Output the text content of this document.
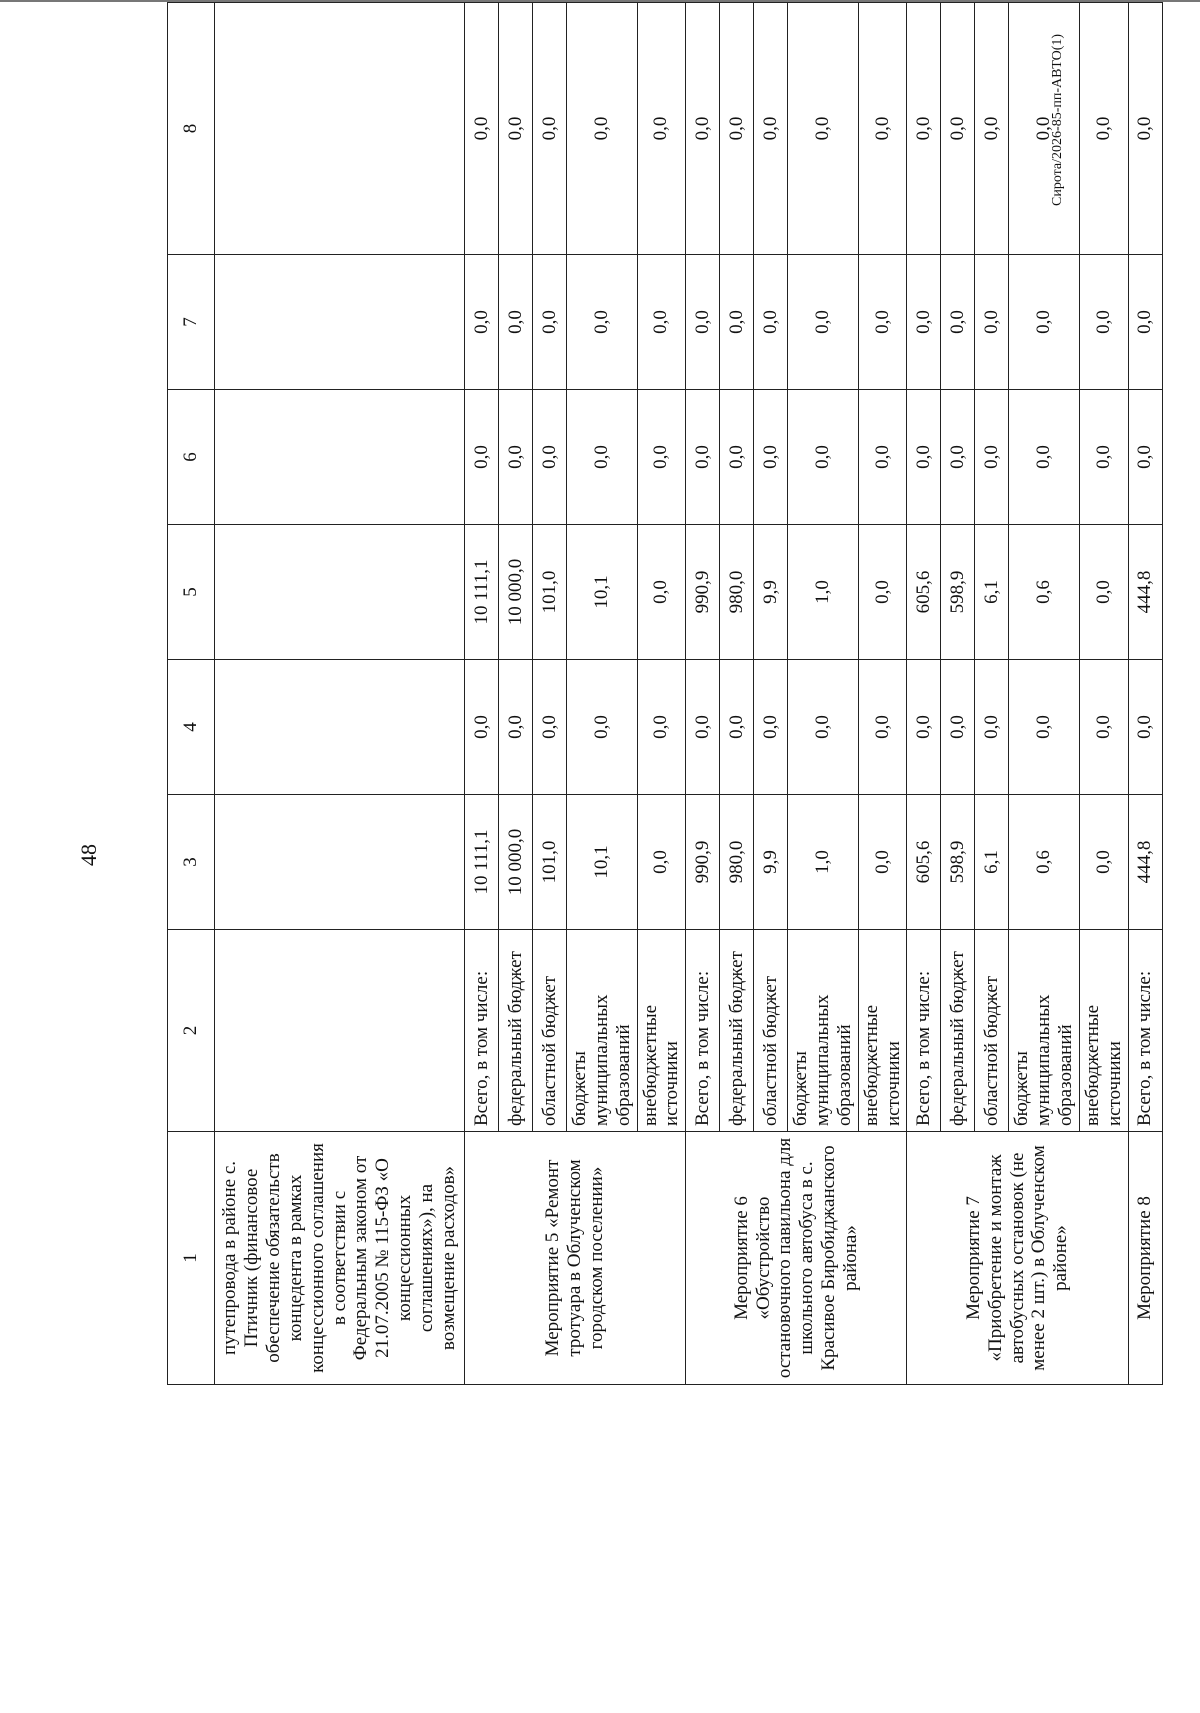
48
Сирота/2026-85-пп-АВТО(1)
1	2	3	4	5	6	7	8
путепровода в районе с. Птичник (финансовое обеспечение обязательств концедента в рамках концессионного соглашения в соответствии с Федеральным законом от 21.07.2005 № 115-ФЗ «О концессионных соглашениях»), на возмещение расходов»							
Мероприятие 5 «Ремонт тротуара в Облученском городском поселении»	Всего, в том числе:	10 111,1	0,0	10 111,1	0,0	0,0	0,0
	федеральный бюджет	10 000,0	0,0	10 000,0	0,0	0,0	0,0
	областной бюджет	101,0	0,0	101,0	0,0	0,0	0,0
	бюджеты муниципальных образований	10,1	0,0	10,1	0,0	0,0	0,0
	внебюджетные источники	0,0	0,0	0,0	0,0	0,0	0,0
Мероприятие 6 «Обустройство остановочного павильона для школьного автобуса в с. Красивое Биробиджанского района»	Всего, в том числе:	990,9	0,0	990,9	0,0	0,0	0,0
	федеральный бюджет	980,0	0,0	980,0	0,0	0,0	0,0
	областной бюджет	9,9	0,0	9,9	0,0	0,0	0,0
	бюджеты муниципальных образований	1,0	0,0	1,0	0,0	0,0	0,0
	внебюджетные источники	0,0	0,0	0,0	0,0	0,0	0,0
Мероприятие 7 «Приобретение и монтаж автобусных остановок (не менее 2 шт.) в Облученском районе»	Всего, в том числе:	605,6	0,0	605,6	0,0	0,0	0,0
	федеральный бюджет	598,9	0,0	598,9	0,0	0,0	0,0
	областной бюджет	6,1	0,0	6,1	0,0	0,0	0,0
	бюджеты муниципальных образований	0,6	0,0	0,6	0,0	0,0	0,0
	внебюджетные источники	0,0	0,0	0,0	0,0	0,0	0,0
Мероприятие 8	Всего, в том числе:	444,8	0,0	444,8	0,0	0,0	0,0
